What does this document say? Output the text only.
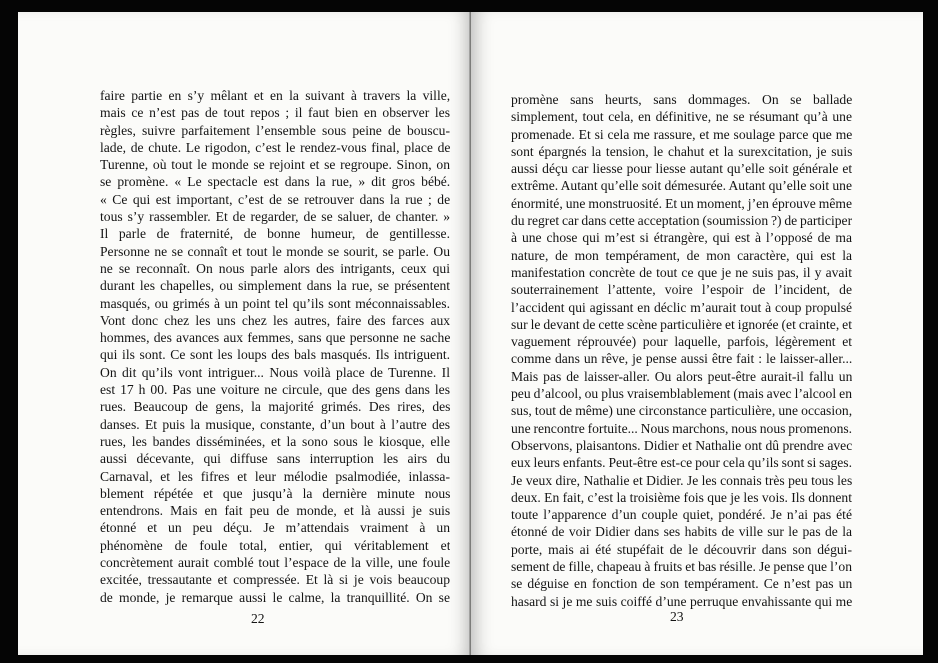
faire partie en s’y mêlant et en la suivant à travers la ville,
mais ce n’est pas de tout repos ; il faut bien en observer les
règles, suivre parfaitement l’ensemble sous peine de bouscu-
lade, de chute. Le rigodon, c’est le rendez-vous final, place de
Turenne, où tout le monde se rejoint et se regroupe. Sinon, on
se promène. « Le spectacle est dans la rue, » dit gros bébé.
« Ce qui est important, c’est de se retrouver dans la rue ; de
tous s’y rassembler. Et de regarder, de se saluer, de chanter. »
Il parle de fraternité, de bonne humeur, de gentillesse.
Personne ne se connaît et tout le monde se sourit, se parle. Ou
ne se reconnaît. On nous parle alors des intrigants, ceux qui
durant les chapelles, ou simplement dans la rue, se présentent
masqués, ou grimés à un point tel qu’ils sont méconnaissables.
Vont donc chez les uns chez les autres, faire des farces aux
hommes, des avances aux femmes, sans que personne ne sache
qui ils sont. Ce sont les loups des bals masqués. Ils intriguent.
On dit qu’ils vont intriguer... Nous voilà place de Turenne. Il
est 17 h 00. Pas une voiture ne circule, que des gens dans les
rues. Beaucoup de gens, la majorité grimés. Des rires, des
danses. Et puis la musique, constante, d’un bout à l’autre des
rues, les bandes disséminées, et la sono sous le kiosque, elle
aussi décevante, qui diffuse sans interruption les airs du
Carnaval, et les fifres et leur mélodie psalmodiée, inlassa-
blement répétée et que jusqu’à la dernière minute nous
entendrons. Mais en fait peu de monde, et là aussi je suis
étonné et un peu déçu. Je m’attendais vraiment à un
phénomène de foule total, entier, qui véritablement et
concrètement aurait comblé tout l’espace de la ville, une foule
excitée, tressautante et compressée. Et là si je vois beaucoup
de monde, je remarque aussi le calme, la tranquillité. On se
22
promène sans heurts, sans dommages. On se ballade
simplement, tout cela, en définitive, ne se résumant qu’à une
promenade. Et si cela me rassure, et me soulage parce que me
sont épargnés la tension, le chahut et la surexcitation, je suis
aussi déçu car liesse pour liesse autant qu’elle soit générale et
extrême. Autant qu’elle soit démesurée. Autant qu’elle soit une
énormité, une monstruosité. Et un moment, j’en éprouve même
du regret car dans cette acceptation (soumission ?) de participer
à une chose qui m’est si étrangère, qui est à l’opposé de ma
nature, de mon tempérament, de mon caractère, qui est la
manifestation concrète de tout ce que je ne suis pas, il y avait
souterrainement l’attente, voire l’espoir de l’incident, de
l’accident qui agissant en déclic m’aurait tout à coup propulsé
sur le devant de cette scène particulière et ignorée (et crainte, et
vaguement réprouvée) pour laquelle, parfois, légèrement et
comme dans un rêve, je pense aussi être fait : le laisser-aller...
Mais pas de laisser-aller. Ou alors peut-être aurait-il fallu un
peu d’alcool, ou plus vraisemblablement (mais avec l’alcool en
sus, tout de même) une circonstance particulière, une occasion,
une rencontre fortuite... Nous marchons, nous nous promenons.
Observons, plaisantons. Didier et Nathalie ont dû prendre avec
eux leurs enfants. Peut-être est-ce pour cela qu’ils sont si sages.
Je veux dire, Nathalie et Didier. Je les connais très peu tous les
deux. En fait, c’est la troisième fois que je les vois. Ils donnent
toute l’apparence d’un couple quiet, pondéré. Je n’ai pas été
étonné de voir Didier dans ses habits de ville sur le pas de la
porte, mais ai été stupéfait de le découvrir dans son dégui-
sement de fille, chapeau à fruits et bas résille. Je pense que l’on
se déguise en fonction de son tempérament. Ce n’est pas un
hasard si je me suis coiffé d’une perruque envahissante qui me
23
